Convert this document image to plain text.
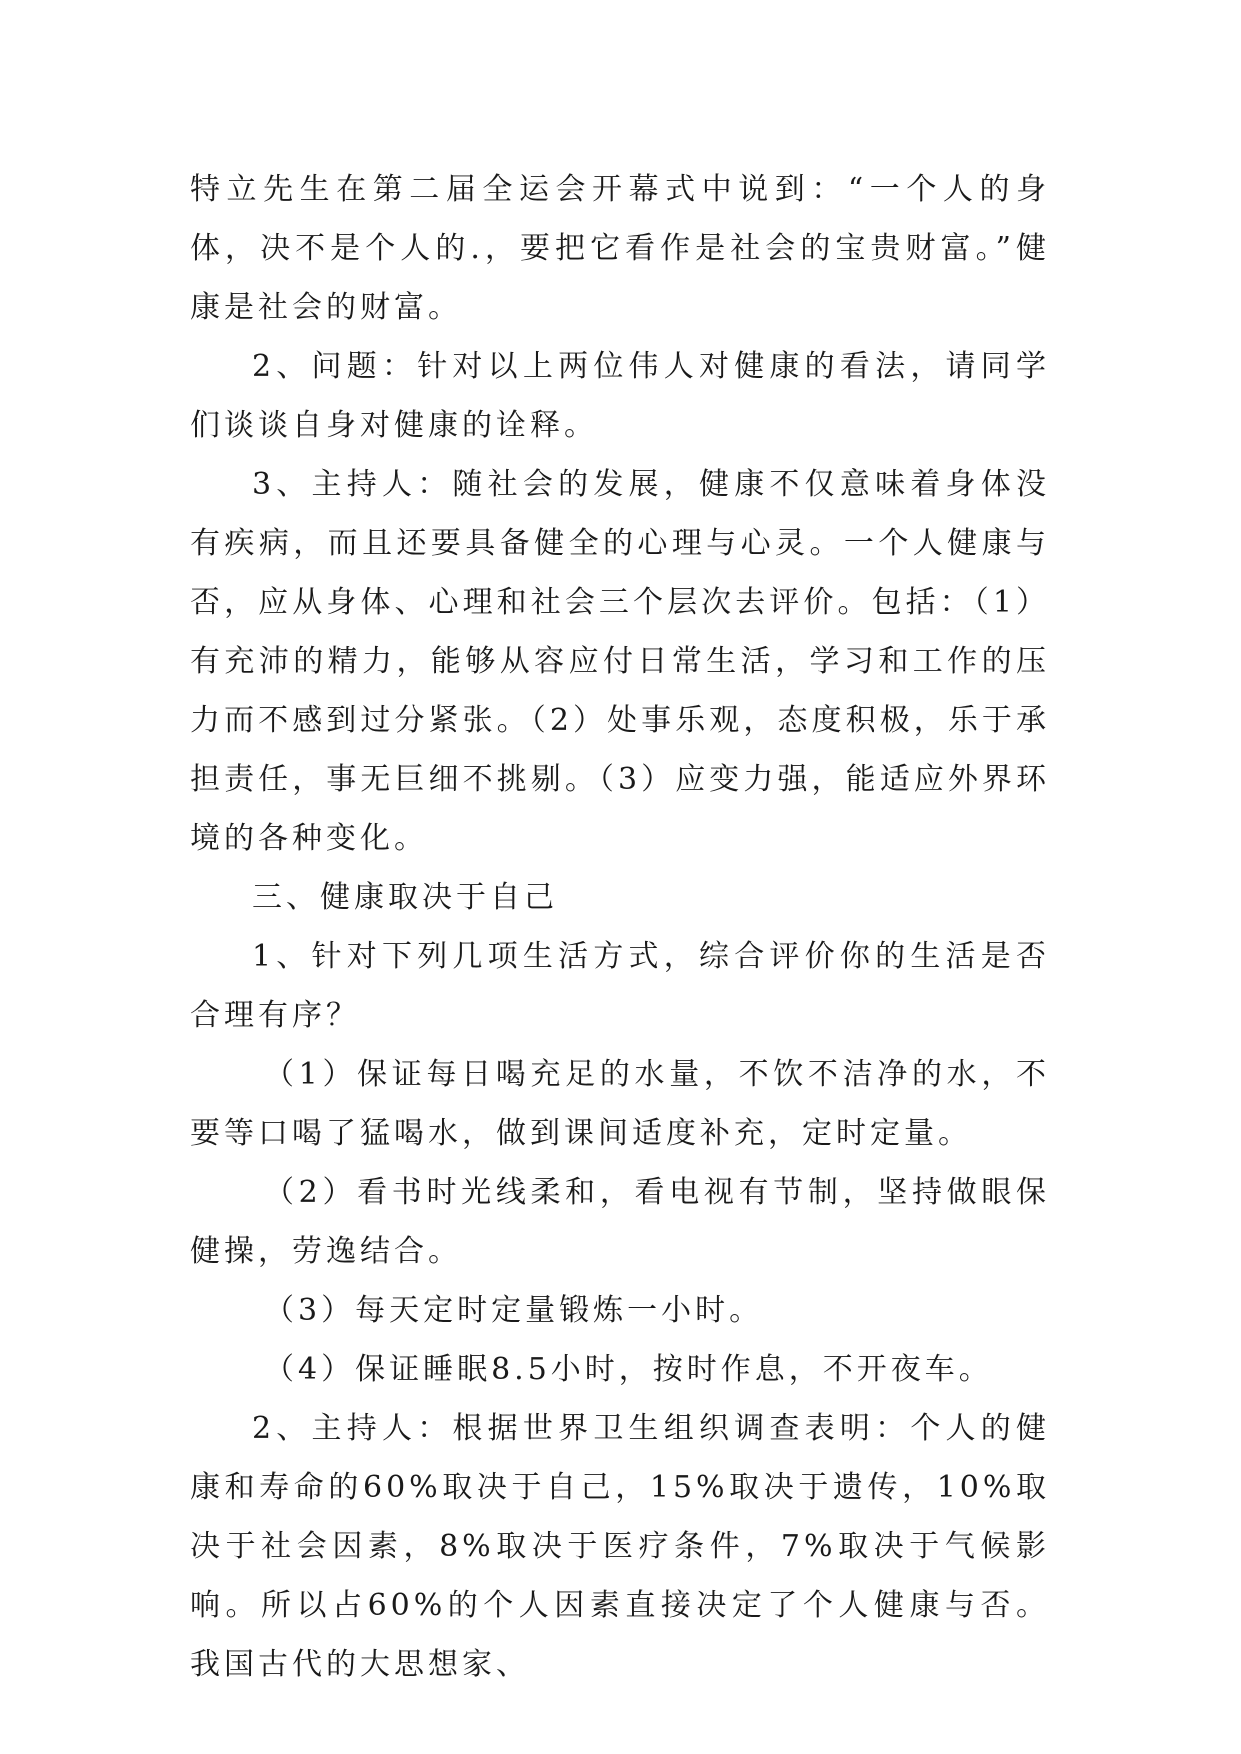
特立先生在第二届全运会开幕式中说到：“一个人的身体，决不是个人的.，要把它看作是社会的宝贵财富。”健康是社会的财富。

2、问题：针对以上两位伟人对健康的看法，请同学们谈谈自身对健康的诠释。

3、主持人：随社会的发展，健康不仅意味着身体没有疾病，而且还要具备健全的心理与心灵。一个人健康与否，应从身体、心理和社会三个层次去评价。包括：（1）有充沛的精力，能够从容应付日常生活，学习和工作的压力而不感到过分紧张。（2）处事乐观，态度积极，乐于承担责任，事无巨细不挑剔。（3）应变力强，能适应外界环境的各种变化。

三、健康取决于自己

1、针对下列几项生活方式，综合评价你的生活是否合理有序？

（1）保证每日喝充足的水量，不饮不洁净的水，不要等口喝了猛喝水，做到课间适度补充，定时定量。

（2）看书时光线柔和，看电视有节制，坚持做眼保健操，劳逸结合。

（3）每天定时定量锻炼一小时。

（4）保证睡眠8.5小时，按时作息，不开夜车。

2、主持人：根据世界卫生组织调查表明：个人的健康和寿命的60%取决于自己，15%取决于遗传，10%取决于社会因素，8%取决于医疗条件，7%取决于气候影响。所以占60%的个人因素直接决定了个人健康与否。我国古代的大思想家、
